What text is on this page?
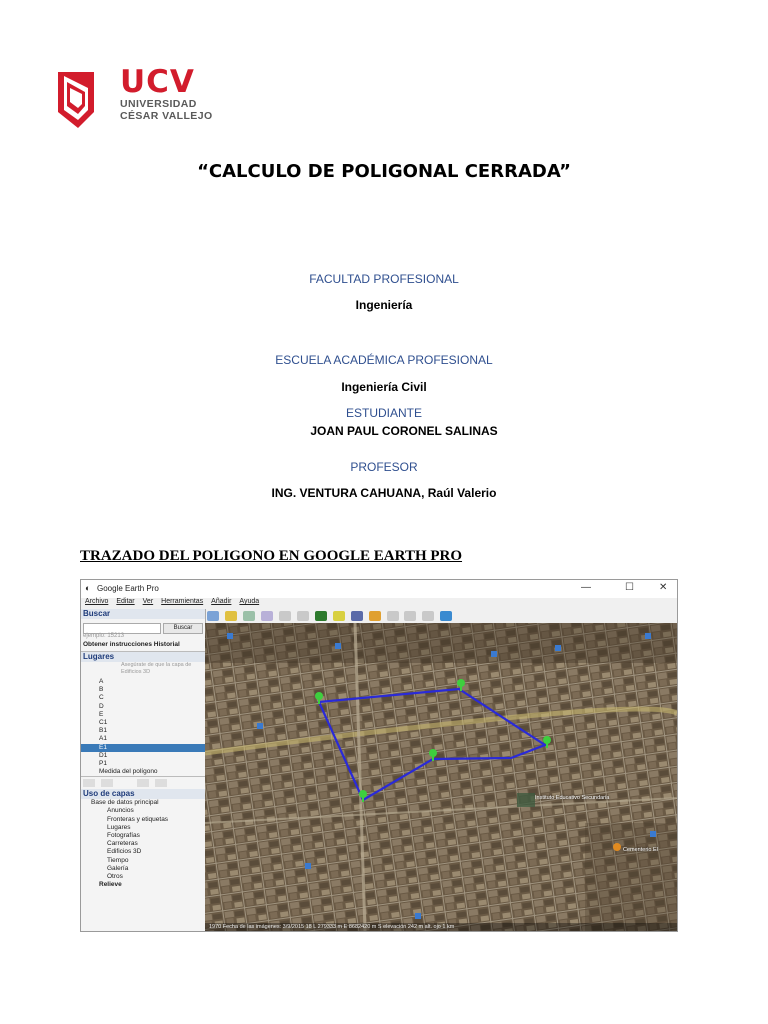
UCV
UNIVERSIDAD
CÉSAR VALLEJO
“CALCULO DE POLIGONAL CERRADA”
FACULTAD PROFESIONAL
Ingeniería
ESCUELA ACADÉMICA PROFESIONAL
Ingeniería Civil
ESTUDIANTE
JOAN PAUL CORONEL SALINAS
PROFESOR
ING. VENTURA CAHUANA, Raúl Valerio
TRAZADO DEL POLIGONO EN GOOGLE EARTH PRO
◐ Google Earth Pro	—	☐	✕
Archivo Editar Ver Herramientas Añadir Ayuda

Buscar
Buscar
ejemplo: 15213
Obtener instrucciones Historial
Lugares
Asegúrate de que la capa de Edificios 3D
A
B
C
D
E
C1
B1
A1
E1
D1
P1
Medida del polígono

Uso de capas
Base de datos principal
Anuncios
Fronteras y etiquetas
Lugares
Fotografías
Carreteras
Edificios 3D
Tiempo
Galería
Otros
Relieve
Instituto Educativo Secundaria
Cementerio El
1970 Fecha de las imágenes: 3/9/2015 18 L 279333 m E 8682420 m S elevación 242 m alt. ojo 1 km
